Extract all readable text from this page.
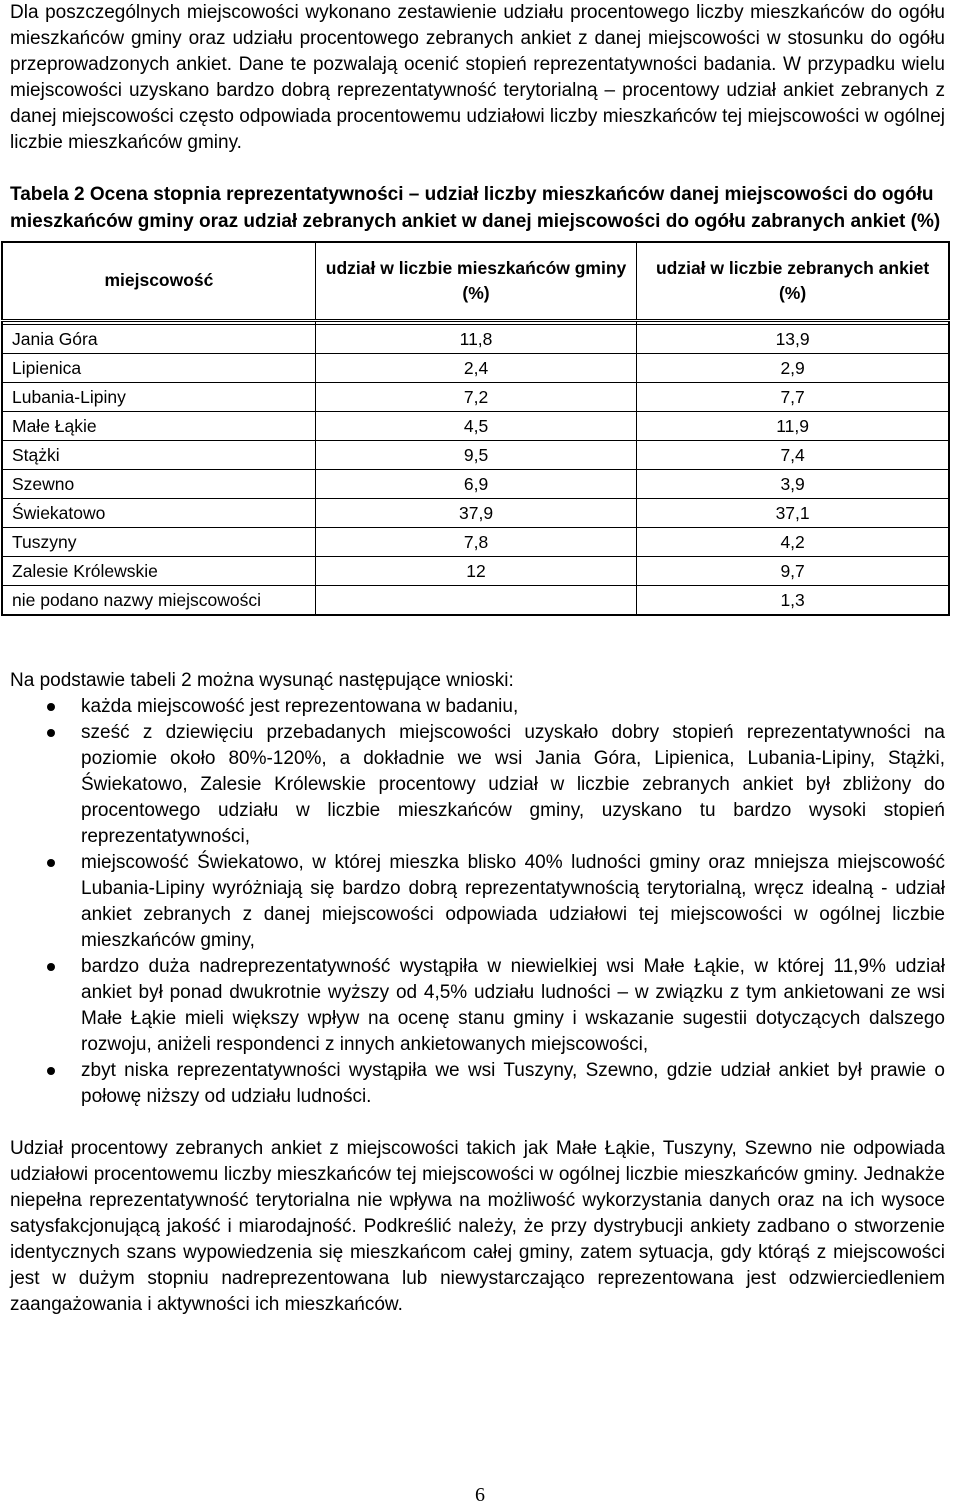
Dla poszczególnych miejscowości wykonano zestawienie udziału procentowego liczby mieszkańców do ogółu mieszkańców gminy oraz udziału procentowego zebranych ankiet z danej miejscowości w stosunku do ogółu przeprowadzonych ankiet. Dane te pozwalają ocenić stopień reprezentatywności badania. W przypadku wielu miejscowości uzyskano bardzo dobrą reprezentatywność terytorialną – procentowy udział ankiet zebranych z danej miejscowości często odpowiada procentowemu udziałowi liczby mieszkańców tej miejscowości w ogólnej liczbie mieszkańców gminy.

Tabela 2 Ocena stopnia reprezentatywności – udział liczby mieszkańców danej miejscowości do ogółu mieszkańców gminy oraz udział zebranych ankiet w danej miejscowości do ogółu zabranych ankiet (%)

miejscowość	udział w liczbie mieszkańców gminy (%)	udział w liczbie zebranych ankiet (%)

Jania Góra	11,8	13,9
Lipienica	2,4	2,9
Lubania-Lipiny	7,2	7,7
Małe Łąkie	4,5	11,9
Stążki	9,5	7,4
Szewno	6,9	3,9
Świekatowo	37,9	37,1
Tuszyny	7,8	4,2
Zalesie Królewskie	12	9,7
nie podano nazwy miejscowości		1,3

Na podstawie tabeli 2 można wysunąć następujące wnioski:

każda miejscowość jest reprezentowana w badaniu,
sześć z dziewięciu przebadanych miejscowości uzyskało dobry stopień reprezentatywności na poziomie około 80%-120%, a dokładnie we wsi Jania Góra, Lipienica, Lubania-Lipiny, Stążki, Świekatowo, Zalesie Królewskie procentowy udział w liczbie zebranych ankiet był zbliżony do procentowego udziału w liczbie mieszkańców gminy, uzyskano tu bardzo wysoki stopień reprezentatywności,
miejscowość Świekatowo, w której mieszka blisko 40% ludności gminy oraz mniejsza miejscowość Lubania-Lipiny wyróżniają się bardzo dobrą reprezentatywnością terytorialną, wręcz idealną - udział ankiet zebranych z danej miejscowości odpowiada udziałowi tej miejscowości w ogólnej liczbie mieszkańców gminy,
bardzo duża nadreprezentatywność wystąpiła w niewielkiej wsi Małe Łąkie, w której 11,9% udział ankiet był ponad dwukrotnie wyższy od 4,5% udziału ludności – w związku z tym ankietowani ze wsi Małe Łąkie mieli większy wpływ na ocenę stanu gminy i wskazanie sugestii dotyczących dalszego rozwoju, aniżeli respondenci z innych ankietowanych miejscowości,
zbyt niska reprezentatywności wystąpiła we wsi Tuszyny, Szewno, gdzie udział ankiet był prawie o połowę niższy od udziału ludności.

Udział procentowy zebranych ankiet z miejscowości takich jak Małe Łąkie, Tuszyny, Szewno nie odpowiada udziałowi procentowemu liczby mieszkańców tej miejscowości w ogólnej liczbie mieszkańców gminy. Jednakże niepełna reprezentatywność terytorialna nie wpływa na możliwość wykorzystania danych oraz na ich wysoce satysfakcjonującą jakość i miarodajność. Podkreślić należy, że przy dystrybucji ankiety zadbano o stworzenie identycznych szans wypowiedzenia się mieszkańcom całej gminy, zatem sytuacja, gdy którąś z miejscowości jest w dużym stopniu nadreprezentowana lub niewystarczająco reprezentowana jest odzwierciedleniem zaangażowania i aktywności ich mieszkańców.

6
